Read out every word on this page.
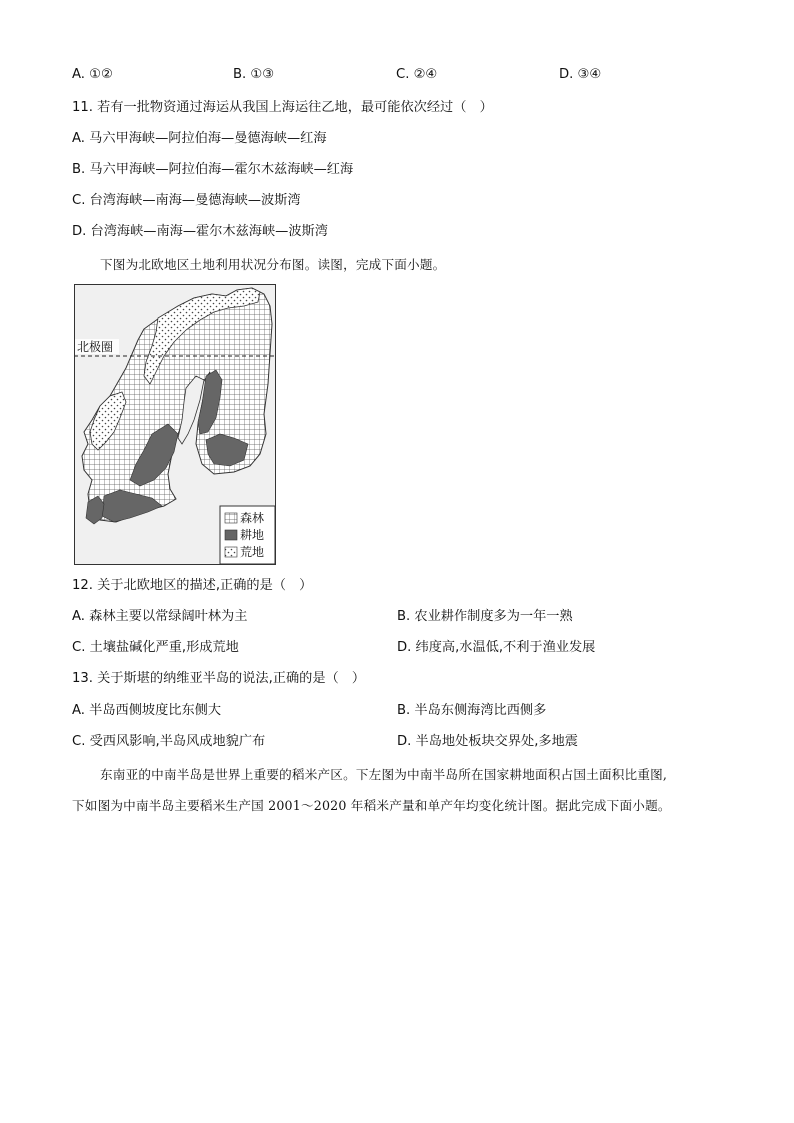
A. ①②	B. ①③	C. ②④	D. ③④
11. 若有一批物资通过海运从我国上海运往乙地，最可能依次经过（　）
A. 马六甲海峡—阿拉伯海—曼德海峡—红海
B. 马六甲海峡—阿拉伯海—霍尔木兹海峡—红海
C. 台湾海峡—南海—曼德海峡—波斯湾
D. 台湾海峡—南海—霍尔木兹海峡—波斯湾
下图为北欧地区土地利用状况分布图。读图，完成下面小题。
北极圈
森林
耕地
荒地
12. 关于北欧地区的描述,正确的是（　）
A. 森林主要以常绿阔叶林为主	B. 农业耕作制度多为一年一熟
C. 土壤盐碱化严重,形成荒地	D. 纬度高,水温低,不利于渔业发展
13. 关于斯堪的纳维亚半岛的说法,正确的是（　）
A. 半岛西侧坡度比东侧大	B. 半岛东侧海湾比西侧多
C. 受西风影响,半岛风成地貌广布	D. 半岛地处板块交界处,多地震
东南亚的中南半岛是世界上重要的稻米产区。下左图为中南半岛所在国家耕地面积占国土面积比重图,
下如图为中南半岛主要稻米生产国 2001～2020 年稻米产量和单产年均变化统计图。据此完成下面小题。
